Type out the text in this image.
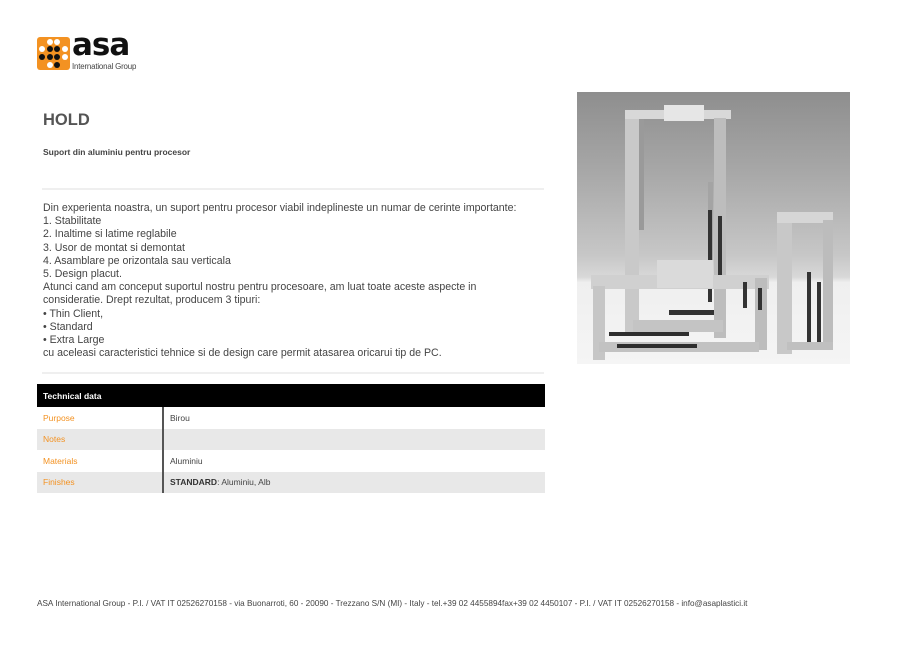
asa
International Group
HOLD
Suport din aluminiu pentru procesor

Din experienta noastra, un suport pentru procesor viabil indeplineste un numar de cerinte importante:

1. Stabilitate

2. Inaltime si latime reglabile

3. Usor de montat si demontat

4. Asamblare pe orizontala sau verticala

5. Design placut.

Atunci cand am conceput suportul nostru pentru procesoare, am luat toate aceste aspecte in

consideratie. Drept rezultat, producem 3 tipuri:

• Thin Client,

• Standard

• Extra Large

cu aceleasi caracteristici tehnice si de design care permit atasarea oricarui tip de PC.

Technical data	
Purpose	Birou
Notes	
Materials	Aluminiu
Finishes	STANDARD: Aluminiu, Alb
ASA International Group - P.I. / VAT IT 02526270158 - via Buonarroti, 60 - 20090 - Trezzano S/N (MI) - Italy - tel.+39 02 4455894fax+39 02 4450107 - P.I. / VAT IT 02526270158 - info@asaplastici.it
